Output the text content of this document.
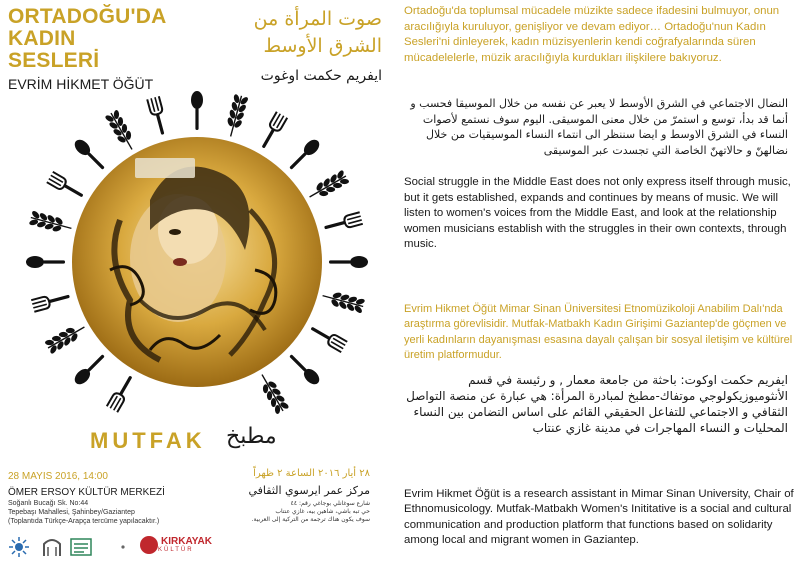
ORTADOĞU'DA
KADIN
SESLERİ
صوت المرأة من
الشرق الأوسط
EVRİM HİKMET ÖĞÜT	ايفريم حكمت اوغوت
MUTFAK مطبخ
28 MAYIS 2016, 14:00	٢٨ أيار ٢٠١٦ الساعة ٢ ظهراً
ÖMER ERSOY KÜLTÜR MERKEZİ
Soğanlı Bucağı Sk. No:44
Tepebaşı Mahallesi, Şahinbey/Gaziantep
(Toplantıda Türkçe-Arapça tercüme yapılacaktır.)
مركز عمر ايرسوي الثقافي
شارع سوغانلي بوجاغي رقم: ٤٤
حي تبه باشي، شاهين بيه، غازي عنتاب
سوف يكون هناك ترجمة من التركية إلى العربية.
KIRKAYAK
KÜLTÜR

Ortadoğu'da toplumsal mücadele müzikte sadece ifadesini bulmuyor, onun aracılığıyla kuruluyor, genişliyor ve devam ediyor… Ortadoğu'nun Kadın Sesleri'ni dinleyerek, kadın müzisyenlerin kendi coğrafyalarında süren mücadelelerle, müzik aracılığıyla kurdukları ilişkilere bakıyoruz.

النضال الاجتماعي في الشرق الأوسط لا يعبر عن نفسه من خلال الموسيقا فحسب و أنما قد بدأ، توسع و استمرّ من خلال معنى الموسيقى. اليوم سوف نستمع لأصوات النساء في الشرق الاوسط و ايضا سننظر الى انتماء النساء الموسيقيات من خلال نضالهنّ و حالاتهنّ الخاصة التي تجسدت عبر الموسيقى

Social struggle in the Middle East does not only express itself through music, but it gets established, expands and continues by means of music. We will listen to women's voices from the Middle East, and look at the relationship women musicians establish with the struggles in their own contexts, through music.

Evrim Hikmet Öğüt Mimar Sinan Üniversitesi Etnomüzikoloji Anabilim Dalı'nda araştırma görevlisidir. Mutfak-Matbakh Kadın Girişimi Gaziantep'de göçmen ve yerli kadınların dayanışması esasına dayalı çalışan bir sosyal iletişim ve kültürel üretim platformudur.

ايفريم حكمت اوكوت: باحثة من جامعة معمار , و رئيسة في قسم الأنثوميوزيكولوجي موتفاك-مطبخ لمبادرة المرأة: هي عبارة عن منصة التواصل الثقافي و الاجتماعي للتفاعل الحقيقي القائم على اساس التضامن بين النساء المحليات و النساء المهاجرات في مدينة غازي عنتاب

Evrim Hikmet Öğüt is a research assistant in Mimar Sinan University, Chair of Ethnomusicology. Mutfak-Matbakh Women's Inititative is a social and cultural communication and production platform that functions based on solidarity among local and migrant women in Gaziantep.
